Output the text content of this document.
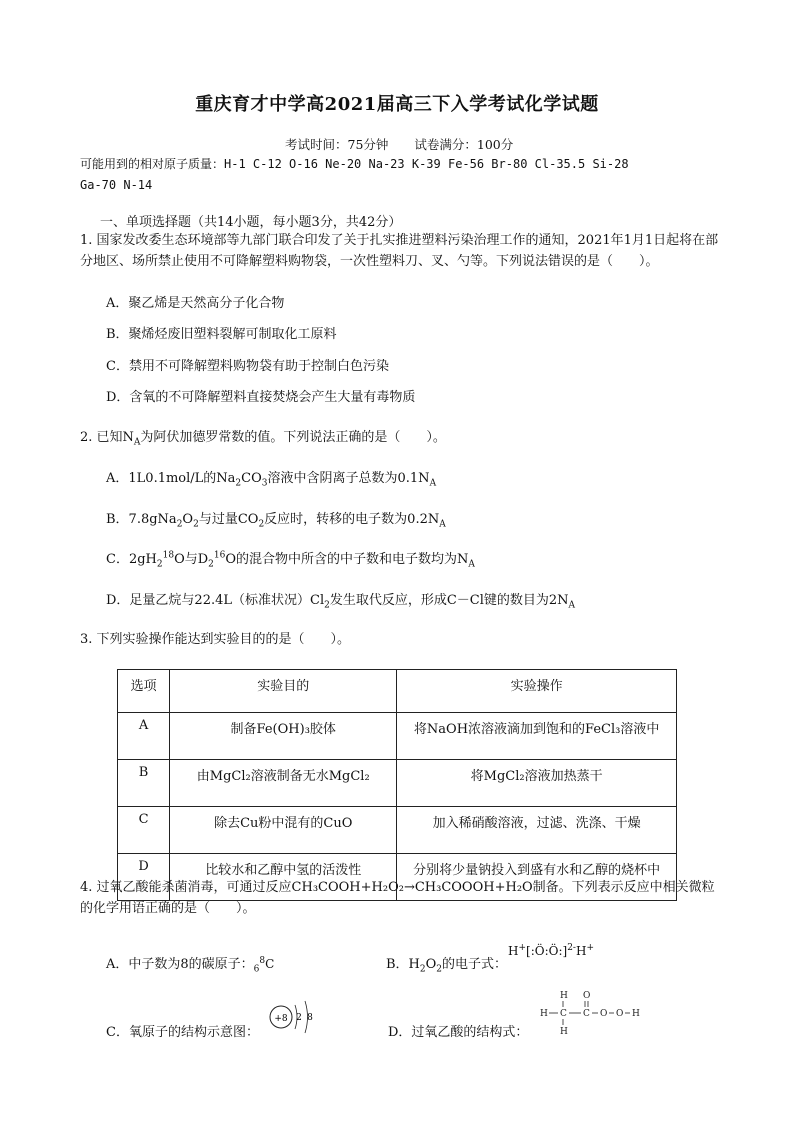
重庆育才中学高2021届高三下入学考试化学试题
考试时间：75分钟 试卷满分：100分
可能用到的相对原子质量：H-1 C-12 O-16 Ne-20 Na-23 K-39 Fe-56 Br-80 Cl-35.5 Si-28
Ga-70 N-14
一、单项选择题（共14小题，每小题3分，共42分）
1. 国家发改委生态环境部等九部门联合印发了关于扎实推进塑料污染治理工作的通知，2021年1月1日起将在部分地区、场所禁止使用不可降解塑料购物袋，一次性塑料刀、叉、勺等。下列说法错误的是（　　）。
A．聚乙烯是天然高分子化合物
B．聚烯烃废旧塑料裂解可制取化工原料
C．禁用不可降解塑料购物袋有助于控制白色污染
D．含氧的不可降解塑料直接焚烧会产生大量有毒物质
2. 已知$N_A$为阿伏加德罗常数的值。下列说法正确的是（　　）。
A．1L0.1mol/L的$Na_2CO_3$溶液中含阴离子总数为$0.1N_A$
B．$7.8gNa_2O_2$与过量$CO_2$反应时，转移的电子数为$0.2N_A$
C．$2gH_2^{18}O$与$D_2^{16}O$的混合物中所含的中子数和电子数均为$N_A$
D．足量乙烷与22.4L（标准状况）$Cl_2$发生取代反应，形成C－Cl键的数目为$2N_A$
3. 下列实验操作能达到实验目的的是（　　）。
选项	实验目的	实验操作
A	制备Fe(OH)₃胶体	将NaOH浓溶液滴加到饱和的FeCl₃溶液中
B	由MgCl₂溶液制备无水MgCl₂	将MgCl₂溶液加热蒸干
C	除去Cu粉中混有的CuO	加入稀硝酸溶液，过滤、洗涤、干燥
D	比较水和乙醇中氢的活泼性	分别将少量钠投入到盛有水和乙醇的烧杯中
4. 过氧乙酸能杀菌消毒，可通过反应CH₃COOH+H₂O₂→CH₃COOOH+H₂O制备。下列表示反应中相关微粒的化学用语正确的是（　　）。
A．中子数为8的碳原子：$_6^8$C	B．$H_2O_2$的电子式：
H+[:Ö:Ö:]$^{2-}$H+
C．氧原子的结构示意图：
+8 2 8
D．过氧乙酸的结构式：
H O
H C C O O H
H
